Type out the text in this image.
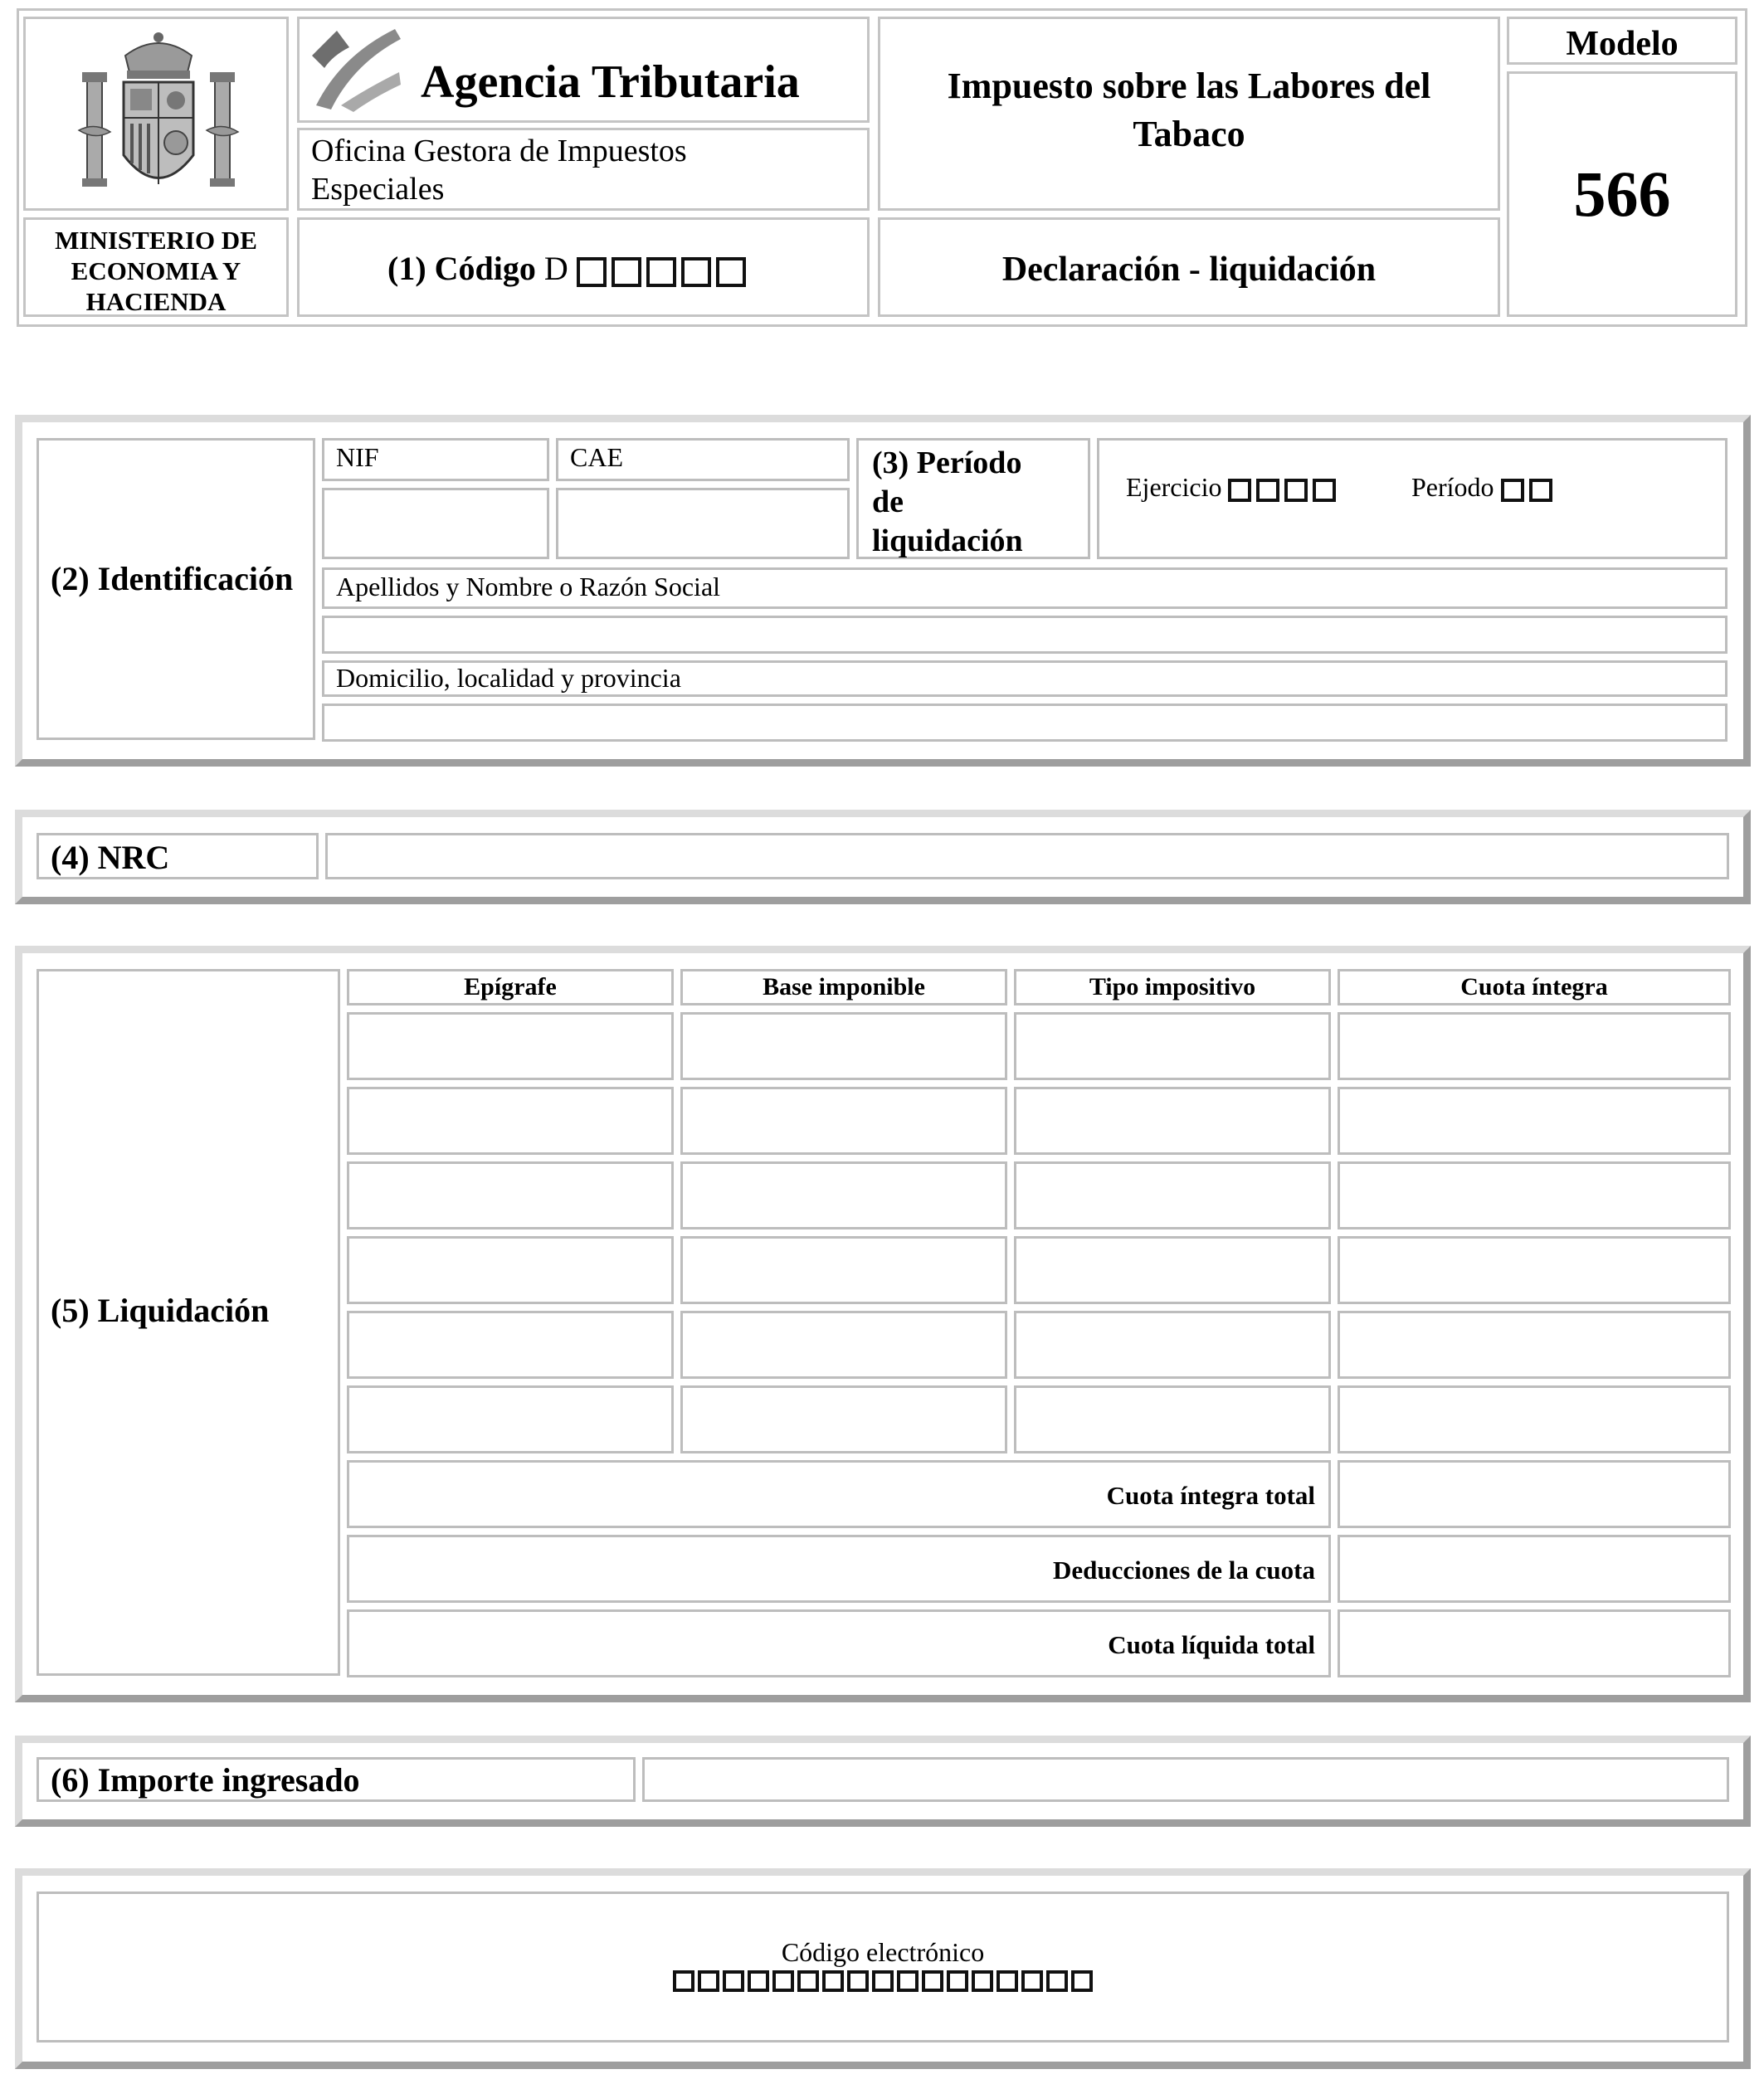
MINISTERIO DE
ECONOMIA Y
HACIENDA
Agencia Tributaria
Oficina Gestora de Impuestos Especiales
(1) Código D
Impuesto sobre las Labores del
Tabaco
Declaración - liquidación
Modelo
566
(2) Identificación
NIF	CAE	(3) Período
de
liquidación
Ejercicio	Período
Apellidos y Nombre o Razón Social
Domicilio, localidad y provincia
(4) NRC
(5) Liquidación
Epígrafe	Base imponible	Tipo impositivo	Cuota íntegra
Cuota íntegra total
Deducciones de la cuota
Cuota líquida total
(6) Importe ingresado
Código electrónico
